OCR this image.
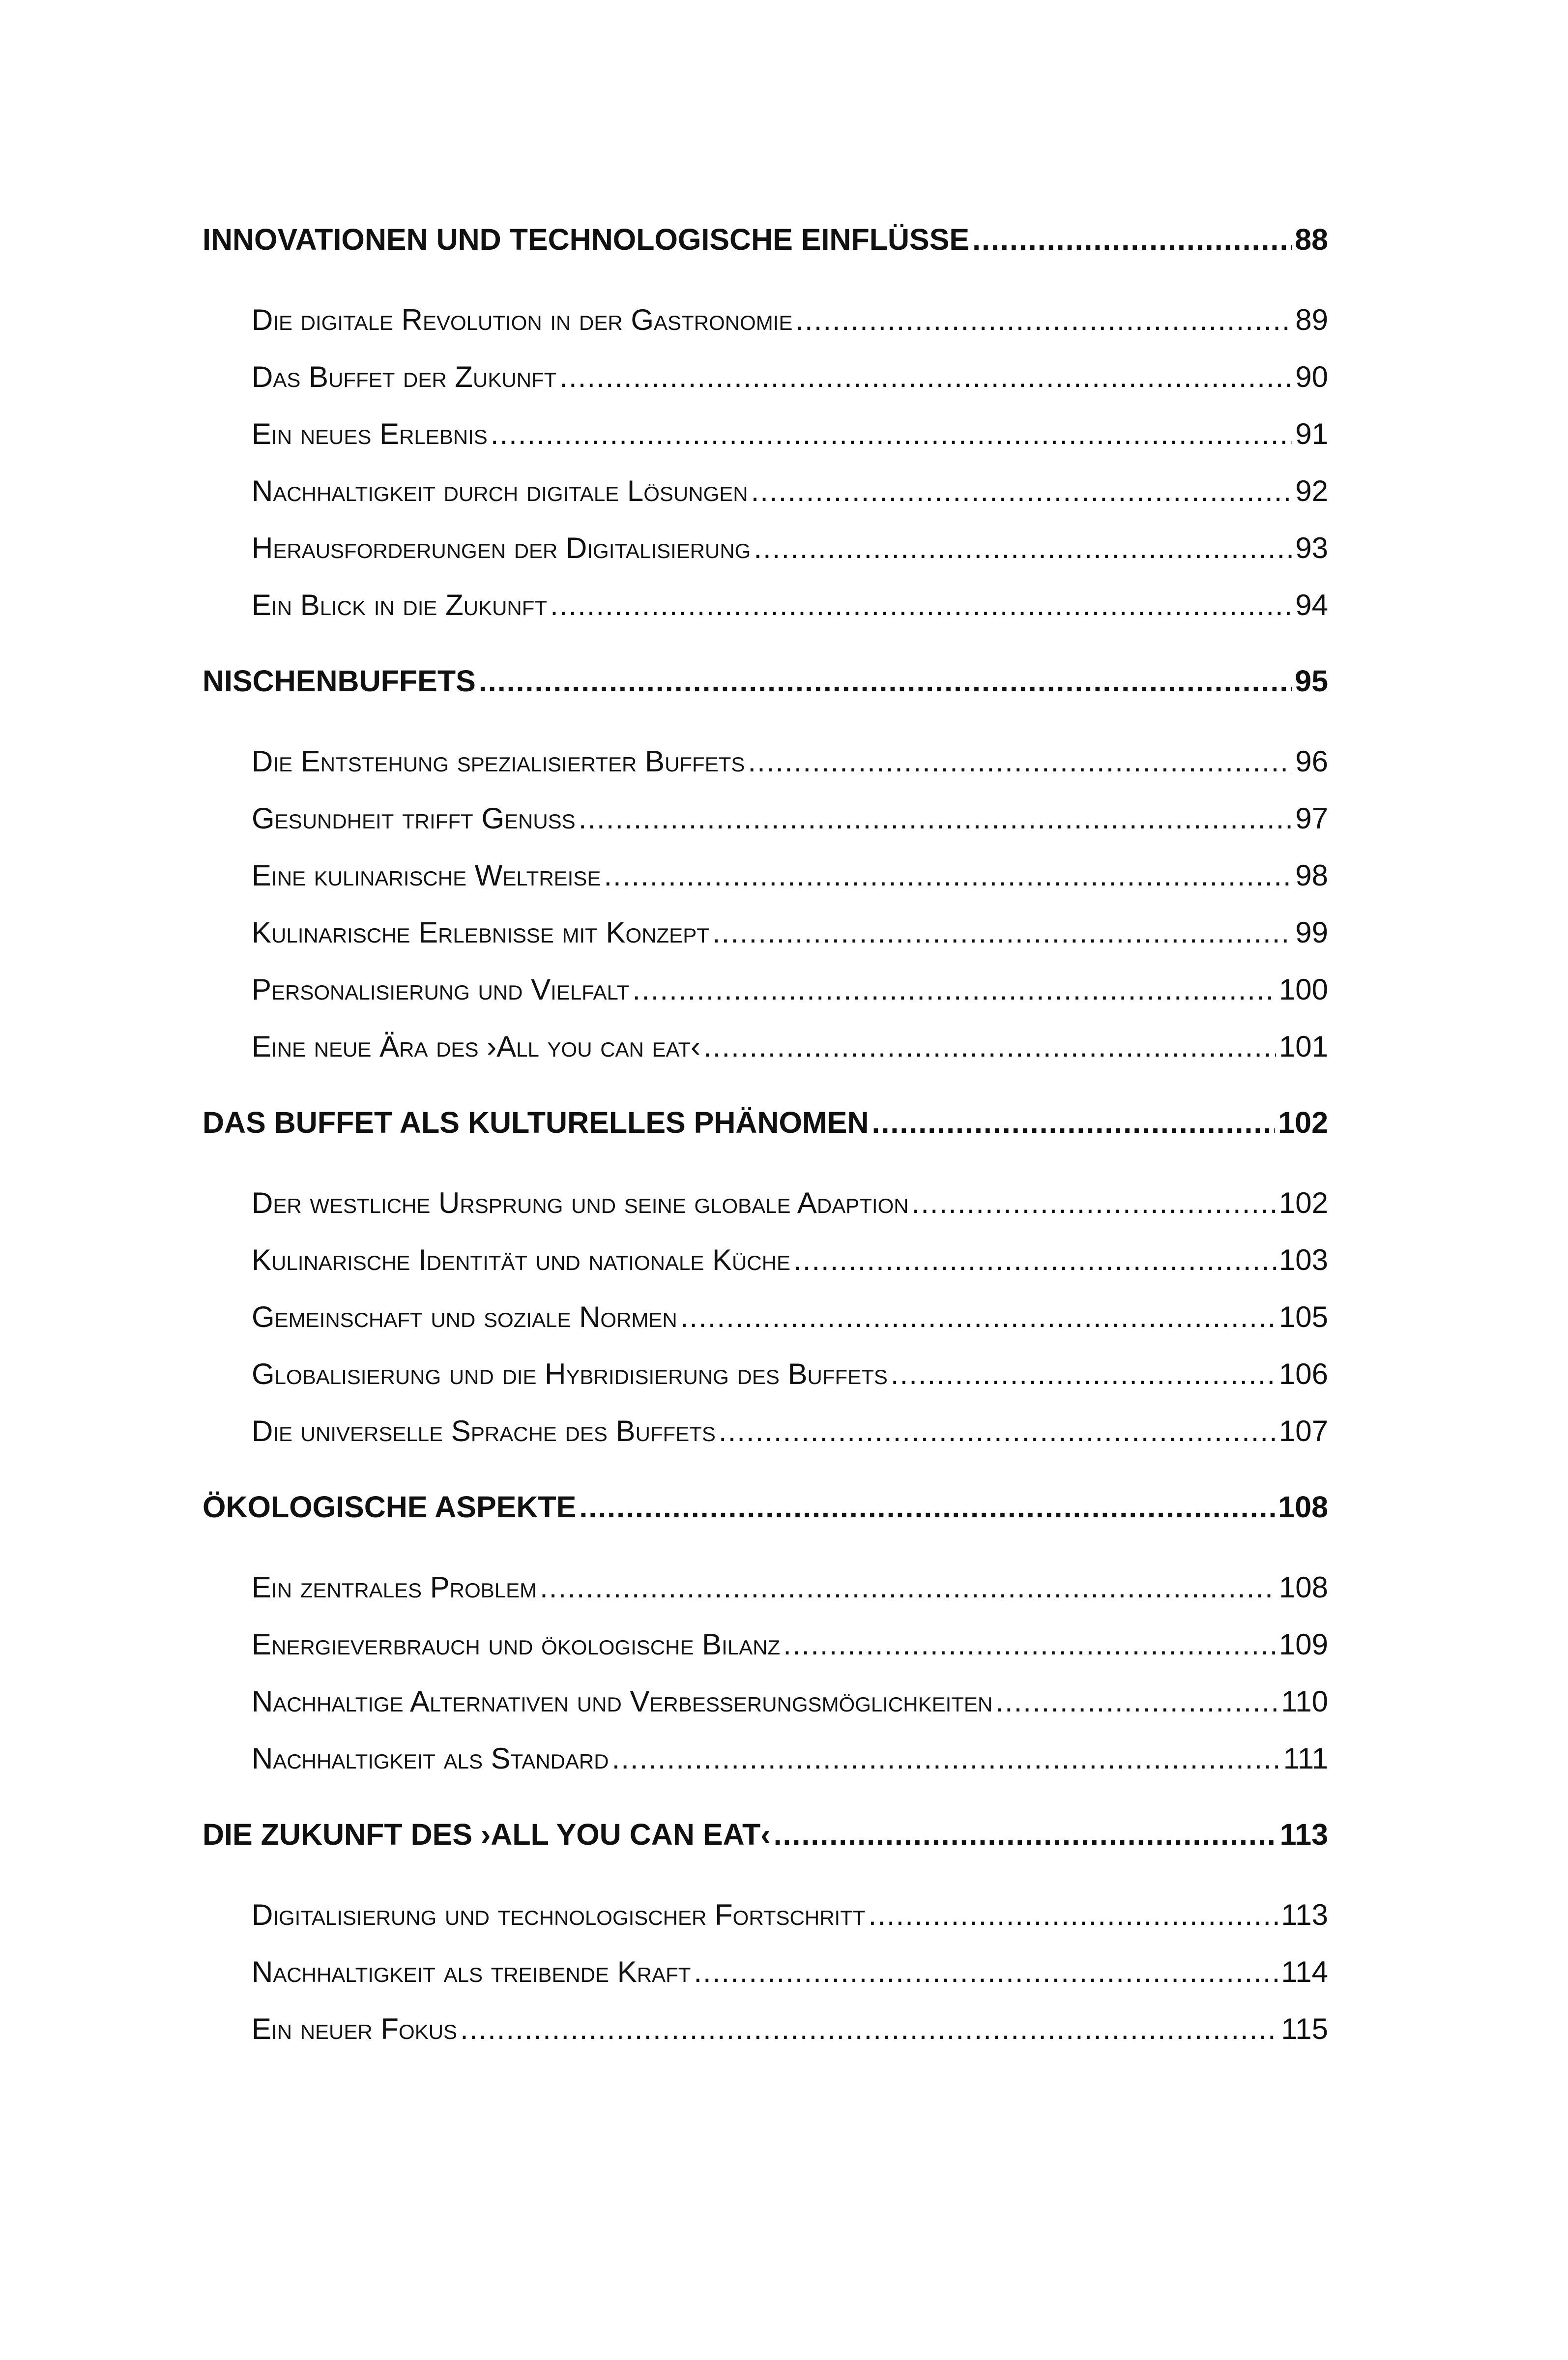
INNOVATIONEN UND TECHNOLOGISCHE EINFLÜSSE .....	88
Die digitale Revolution in der Gastronomie .....	89
Das Buffet der Zukunft .....	90
Ein neues Erlebnis .....	91
Nachhaltigkeit durch digitale Lösungen .....	92
Herausforderungen der Digitalisierung .....	93
Ein Blick in die Zukunft .....	94
NISCHENBUFFETS .....	95
Die Entstehung spezialisierter Buffets .....	96
Gesundheit trifft Genuss .....	97
Eine kulinarische Weltreise .....	98
Kulinarische Erlebnisse mit Konzept .....	99
Personalisierung und Vielfalt .....	100
Eine neue Ära des ›All you can eat‹ .....	101
DAS BUFFET ALS KULTURELLES PHÄNOMEN .....	102
Der westliche Ursprung und seine globale Adaption .....	102
Kulinarische Identität und nationale Küche .....	103
Gemeinschaft und soziale Normen .....	105
Globalisierung und die Hybridisierung des Buffets .....	106
Die universelle Sprache des Buffets .....	107
ÖKOLOGISCHE ASPEKTE .....	108
Ein zentrales Problem .....	108
Energieverbrauch und ökologische Bilanz .....	109
Nachhaltige Alternativen und Verbesserungsmöglichkeiten .....	110
Nachhaltigkeit als Standard .....	111
DIE ZUKUNFT DES ›ALL YOU CAN EAT‹ .....	113
Digitalisierung und technologischer Fortschritt .....	113
Nachhaltigkeit als treibende Kraft .....	114
Ein neuer Fokus .....	115
